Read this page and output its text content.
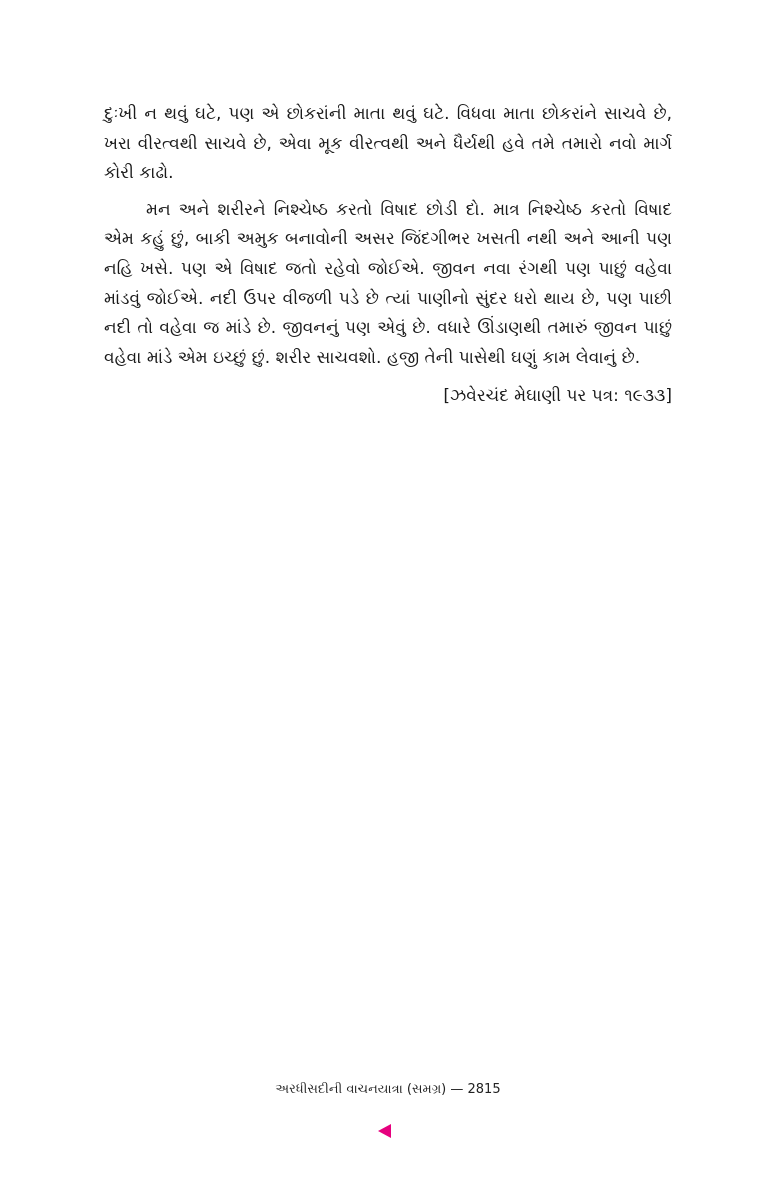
દુઃખી ન થવું ઘટે, પણ એ છોકરાંની માતા થવું ઘટે. વિધવા માતા છોકરાંને સાચવે છે, ખરા વીરત્વથી સાચવે છે, એવા મૂક વીરત્વથી અને ધૈર્યથી હવે તમે તમારો નવો માર્ગ કોરી કાઢો.

મન અને શરીરને નિશ્ચેષ્ઠ કરતો વિષાદ છોડી દો. માત્ર નિશ્ચેષ્ઠ કરતો વિષાદ એમ કહું છું, બાકી અમુક બનાવોની અસર જિંદગીભર ખસતી નથી અને આની પણ નહિ ખસે. પણ એ વિષાદ જતો રહેવો જોઈએ. જીવન નવા રંગથી પણ પાછું વહેવા માંડવું જોઈએ. નદી ઉપર વીજળી પડે છે ત્યાં પાણીનો સુંદર ધરો થાય છે, પણ પાછી નદી તો વહેવા જ માંડે છે. જીવનનું પણ એવું છે. વધારે ઊંડાણથી તમારું જીવન પાછું વહેવા માંડે એમ ઇચ્છું છું. શરીર સાચવશો. હજી તેની પાસેથી ઘણું કામ લેવાનું છે.

[ઝવેરચંદ મેઘાણી પર પત્ર: ૧૯૩૩]
અરધીસદીની વાચનયાત્રા (સમગ્ર) — 2815
